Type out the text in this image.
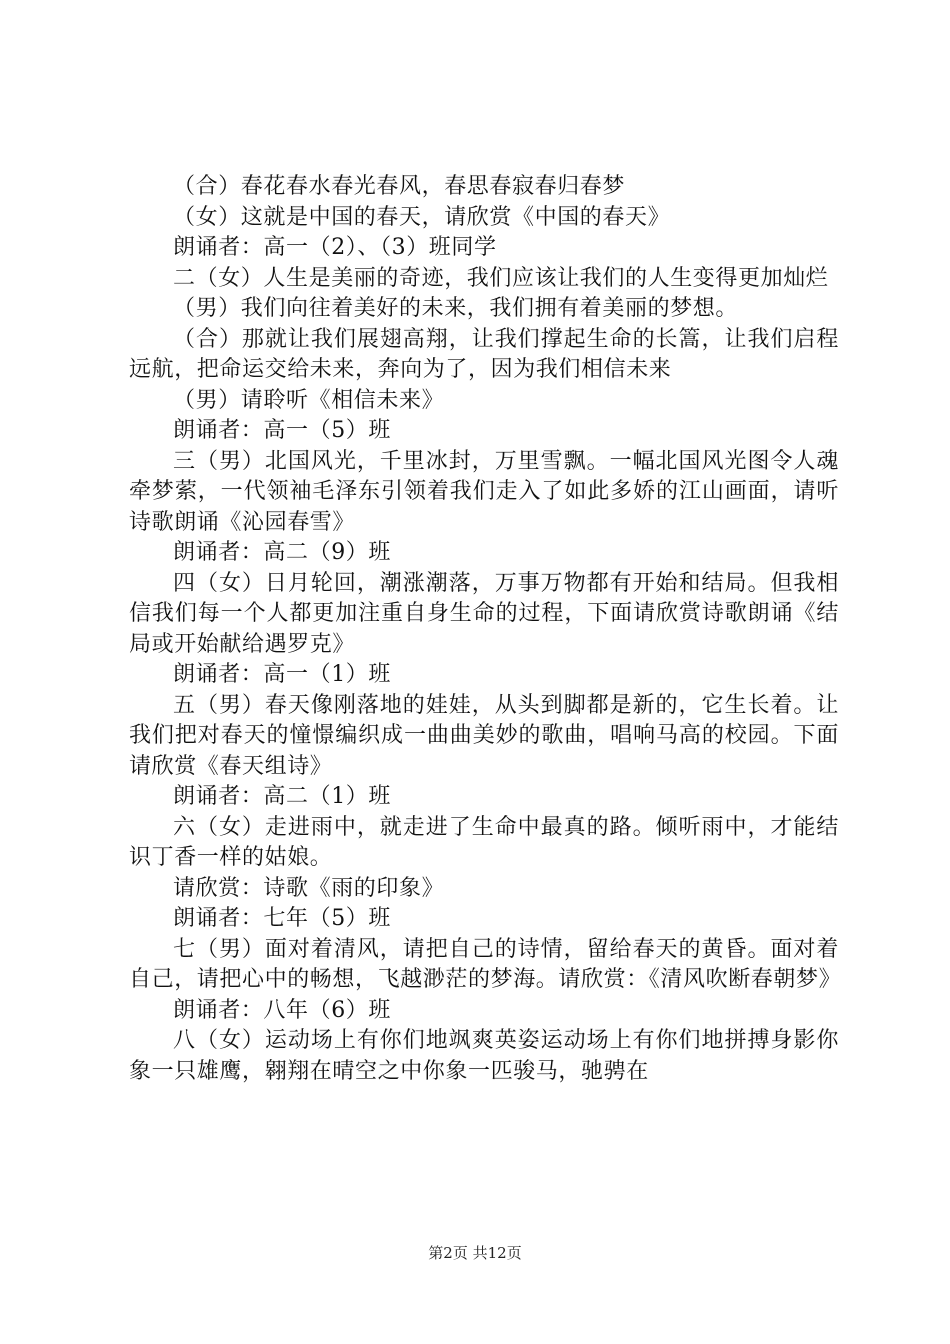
（合）春花春水春光春风，春思春寂春归春梦

（女）这就是中国的春天，请欣赏《中国的春天》

朗诵者：高一（2）、（3）班同学

二（女）人生是美丽的奇迹，我们应该让我们的人生变得更加灿烂

（男）我们向往着美好的未来，我们拥有着美丽的梦想。

（合）那就让我们展翅高翔，让我们撑起生命的长篙，让我们启程远航，把命运交给未来，奔向为了，因为我们相信未来

（男）请聆听《相信未来》

朗诵者：高一（5）班

三（男）北国风光，千里冰封，万里雪飘。一幅北国风光图令人魂牵梦萦，一代领袖毛泽东引领着我们走入了如此多娇的江山画面，请听诗歌朗诵《沁园春雪》

朗诵者：高二（9）班

四（女）日月轮回，潮涨潮落，万事万物都有开始和结局。但我相信我们每一个人都更加注重自身生命的过程，下面请欣赏诗歌朗诵《结局或开始献给遇罗克》

朗诵者：高一（1）班

五（男）春天像刚落地的娃娃，从头到脚都是新的，它生长着。让我们把对春天的憧憬编织成一曲曲美妙的歌曲，唱响马高的校园。下面请欣赏《春天组诗》

朗诵者：高二（1）班

六（女）走进雨中，就走进了生命中最真的路。倾听雨中，才能结识丁香一样的姑娘。

请欣赏：诗歌《雨的印象》

朗诵者：七年（5）班

七（男）面对着清风，请把自己的诗情，留给春天的黄昏。面对着自己，请把心中的畅想，飞越渺茫的梦海。请欣赏：《清风吹断春朝梦》

朗诵者：八年（6）班

八（女）运动场上有你们地飒爽英姿运动场上有你们地拼搏身影你象一只雄鹰，翱翔在晴空之中你象一匹骏马，驰骋在

第2页 共12页
